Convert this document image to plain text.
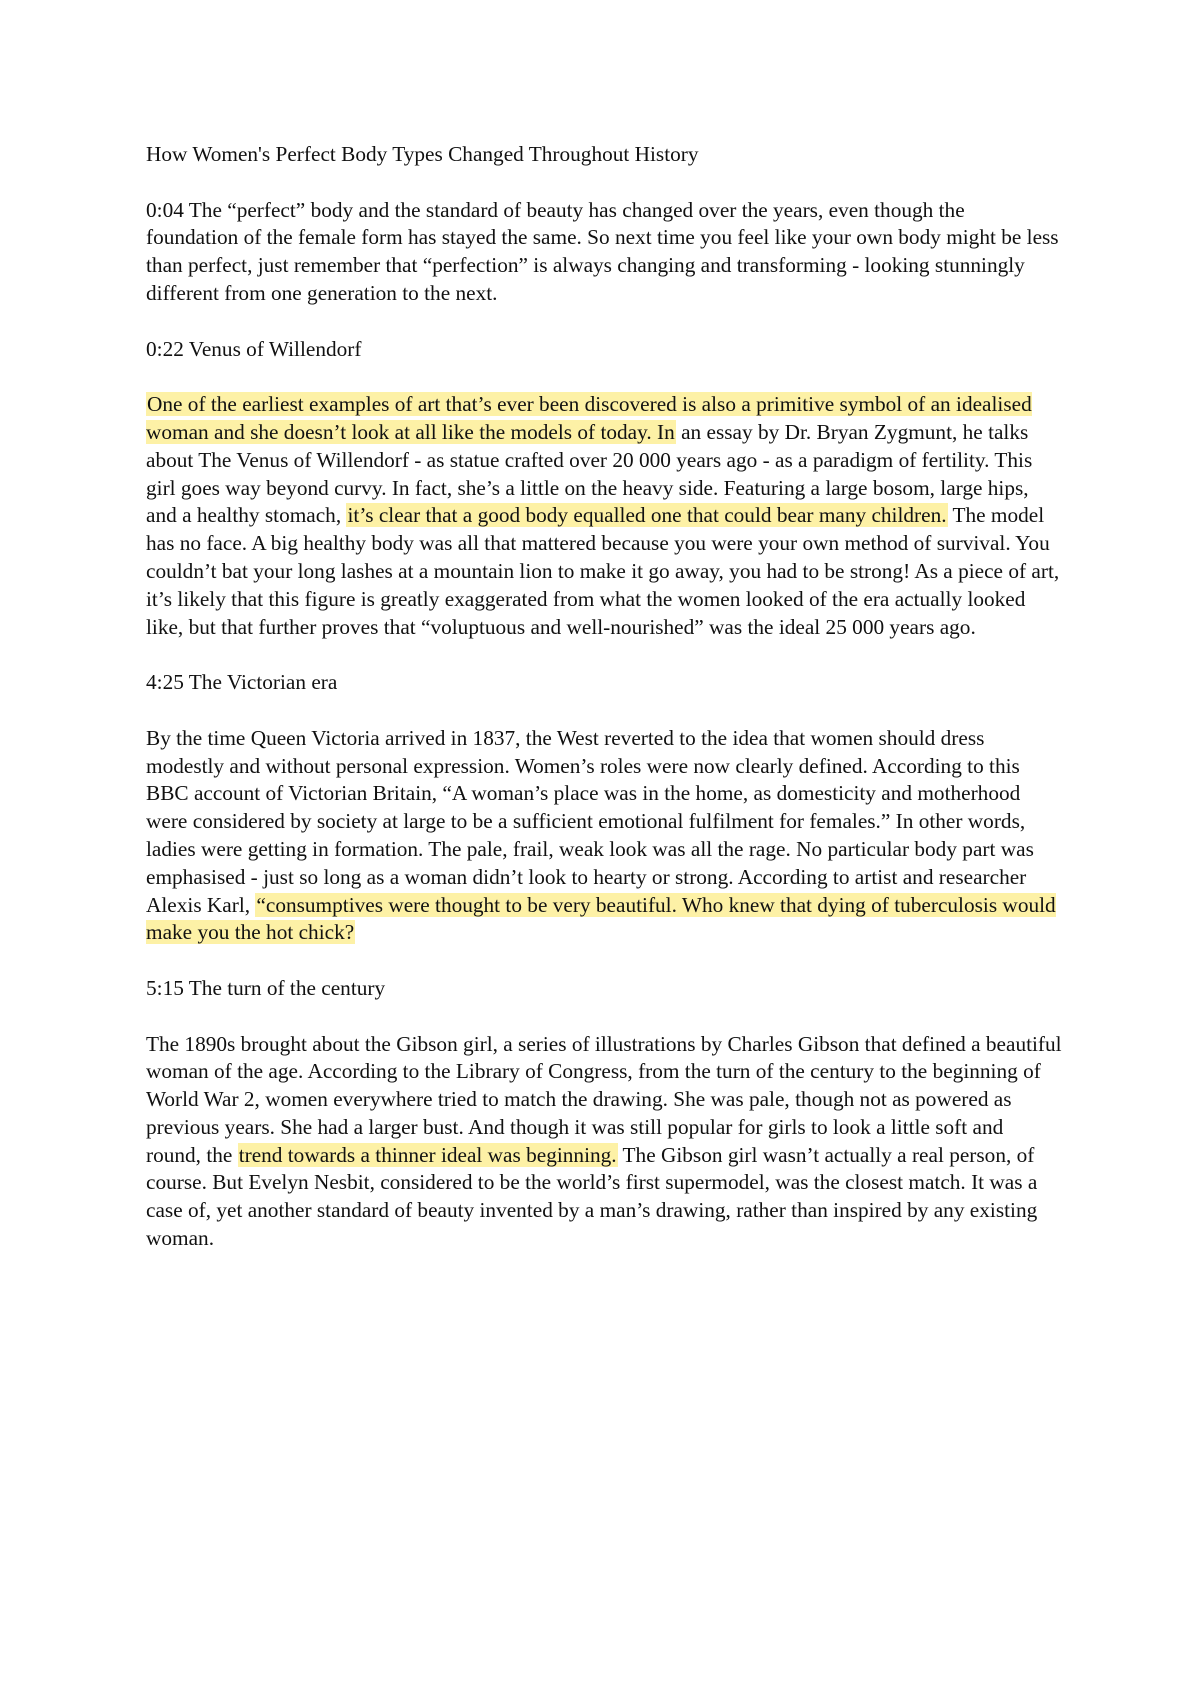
How Women's Perfect Body Types Changed Throughout History

0:04 The “perfect” body and the standard of beauty has changed over the years, even though the foundation of the female form has stayed the same. So next time you feel like your own body might be less than perfect, just remember that “perfection” is always changing and transforming - looking stunningly different from one generation to the next.

0:22 Venus of Willendorf

One of the earliest examples of art that’s ever been discovered is also a primitive symbol of an idealised woman and she doesn’t look at all like the models of today. In an essay by Dr. Bryan Zygmunt, he talks about The Venus of Willendorf - as statue crafted over 20 000 years ago - as a paradigm of fertility. This girl goes way beyond curvy. In fact, she’s a little on the heavy side. Featuring a large bosom, large hips, and a healthy stomach, it’s clear that a good body equalled one that could bear many children. The model has no face. A big healthy body was all that mattered because you were your own method of survival. You couldn’t bat your long lashes at a mountain lion to make it go away, you had to be strong! As a piece of art, it’s likely that this figure is greatly exaggerated from what the women looked of the era actually looked like, but that further proves that “voluptuous and well-nourished” was the ideal 25 000 years ago.

4:25 The Victorian era

By the time Queen Victoria arrived in 1837, the West reverted to the idea that women should dress modestly and without personal expression. Women’s roles were now clearly defined. According to this BBC account of Victorian Britain, “A woman’s place was in the home, as domesticity and motherhood were considered by society at large to be a sufficient emotional fulfilment for females.” In other words, ladies were getting in formation. The pale, frail, weak look was all the rage. No particular body part was emphasised - just so long as a woman didn’t look to hearty or strong. According to artist and researcher Alexis Karl, “consumptives were thought to be very beautiful. Who knew that dying of tuberculosis would make you the hot chick?

5:15 The turn of the century

The 1890s brought about the Gibson girl, a series of illustrations by Charles Gibson that defined a beautiful woman of the age. According to the Library of Congress, from the turn of the century to the beginning of World War 2, women everywhere tried to match the drawing. She was pale, though not as powered as previous years. She had a larger bust. And though it was still popular for girls to look a little soft and round, the trend towards a thinner ideal was beginning. The Gibson girl wasn’t actually a real person, of course. But Evelyn Nesbit, considered to be the world’s first supermodel, was the closest match. It was a case of, yet another standard of beauty invented by a man’s drawing, rather than inspired by any existing woman.
